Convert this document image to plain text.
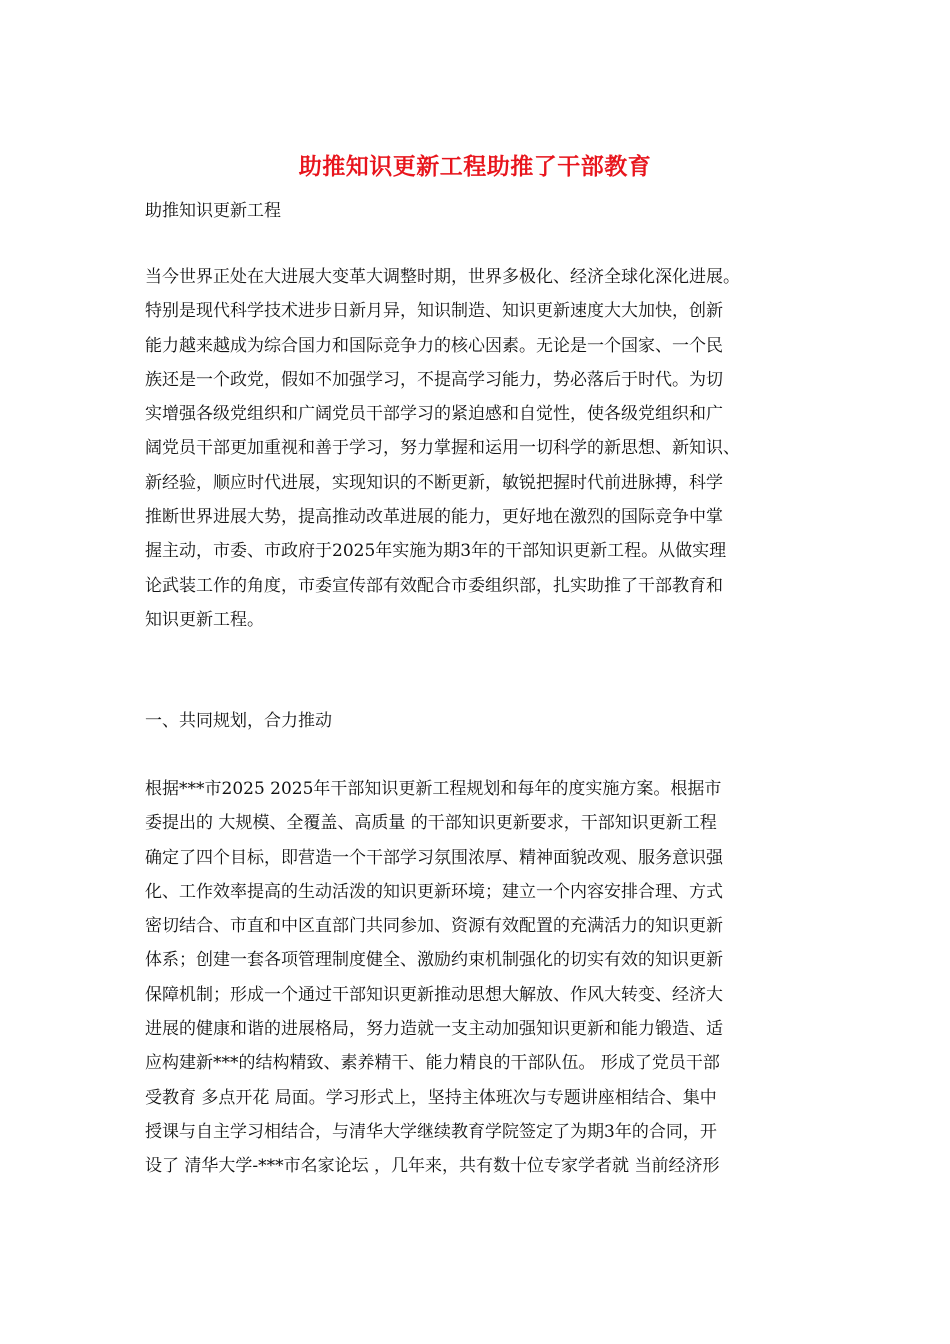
助推知识更新工程助推了干部教育
助推知识更新工程
当今世界正处在大进展大变革大调整时期，世界多极化、经济全球化深化进展。
特别是现代科学技术进步日新月异，知识制造、知识更新速度大大加快，创新
能力越来越成为综合国力和国际竞争力的核心因素。无论是一个国家、一个民
族还是一个政党，假如不加强学习，不提高学习能力，势必落后于时代。为切
实增强各级党组织和广阔党员干部学习的紧迫感和自觉性，使各级党组织和广
阔党员干部更加重视和善于学习，努力掌握和运用一切科学的新思想、新知识、
新经验，顺应时代进展，实现知识的不断更新，敏锐把握时代前进脉搏，科学
推断世界进展大势，提高推动改革进展的能力，更好地在激烈的国际竞争中掌
握主动，市委、市政府于2025年实施为期3年的干部知识更新工程。从做实理
论武装工作的角度，市委宣传部有效配合市委组织部，扎实助推了干部教育和
知识更新工程。
一、共同规划，合力推动
根据***市2025 2025年干部知识更新工程规划和每年的度实施方案。根据市
委提出的 大规模、全覆盖、高质量 的干部知识更新要求，干部知识更新工程
确定了四个目标，即营造一个干部学习氛围浓厚、精神面貌改观、服务意识强
化、工作效率提高的生动活泼的知识更新环境；建立一个内容安排合理、方式
密切结合、市直和中区直部门共同参加、资源有效配置的充满活力的知识更新
体系；创建一套各项管理制度健全、激励约束机制强化的切实有效的知识更新
保障机制；形成一个通过干部知识更新推动思想大解放、作风大转变、经济大
进展的健康和谐的进展格局，努力造就一支主动加强知识更新和能力锻造、适
应构建新***的结构精致、素养精干、能力精良的干部队伍。 形成了党员干部
受教育 多点开花 局面。学习形式上，坚持主体班次与专题讲座相结合、集中
授课与自主学习相结合，与清华大学继续教育学院签定了为期3年的合同，开
设了 清华大学-***市名家论坛 ，几年来，共有数十位专家学者就 当前经济形
